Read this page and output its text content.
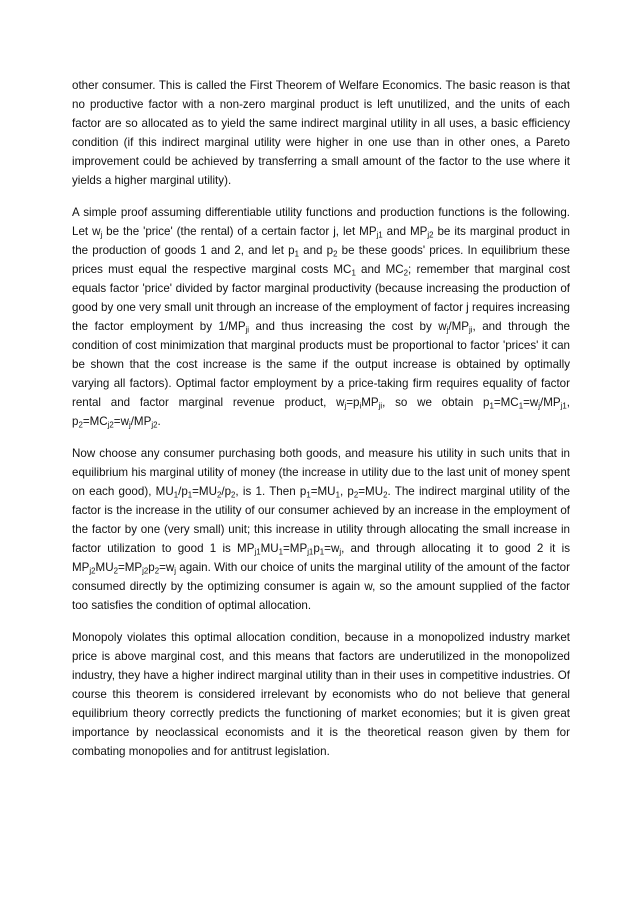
other consumer. This is called the First Theorem of Welfare Economics. The basic reason is that no productive factor with a non-zero marginal product is left unutilized, and the units of each factor are so allocated as to yield the same indirect marginal utility in all uses, a basic efficiency condition (if this indirect marginal utility were higher in one use than in other ones, a Pareto improvement could be achieved by transferring a small amount of the factor to the use where it yields a higher marginal utility).

A simple proof assuming differentiable utility functions and production functions is the following. Let $w_j$ be the 'price' (the rental) of a certain factor j, let $MP_{j1}$ and $MP_{j2}$ be its marginal product in the production of goods 1 and 2, and let $p_1$ and $p_2$ be these goods' prices. In equilibrium these prices must equal the respective marginal costs $MC_1$ and $MC_2$; remember that marginal cost equals factor 'price' divided by factor marginal productivity (because increasing the production of good by one very small unit through an increase of the employment of factor j requires increasing the factor employment by $1/MP_{ji}$ and thus increasing the cost by $w_j/MP_{ji}$, and through the condition of cost minimization that marginal products must be proportional to factor 'prices' it can be shown that the cost increase is the same if the output increase is obtained by optimally varying all factors). Optimal factor employment by a price-taking firm requires equality of factor rental and factor marginal revenue product, $w_j=p_iMP_{ji}$, so we obtain $p_1=MC_1=w_j/MP_{j1}$, $p_2=MC_{j2}=w_j/MP_{j2}$.

Now choose any consumer purchasing both goods, and measure his utility in such units that in equilibrium his marginal utility of money (the increase in utility due to the last unit of money spent on each good), $MU_1/p_1=MU_2/p_2$, is 1. Then $p_1=MU_1$, $p_2=MU_2$. The indirect marginal utility of the factor is the increase in the utility of our consumer achieved by an increase in the employment of the factor by one (very small) unit; this increase in utility through allocating the small increase in factor utilization to good 1 is $MP_{j1}MU_1=MP_{j1}p_1=w_j$, and through allocating it to good 2 it is $MP_{j2}MU_2=MP_{j2}p_2=w_j$ again. With our choice of units the marginal utility of the amount of the factor consumed directly by the optimizing consumer is again w, so the amount supplied of the factor too satisfies the condition of optimal allocation.

Monopoly violates this optimal allocation condition, because in a monopolized industry market price is above marginal cost, and this means that factors are underutilized in the monopolized industry, they have a higher indirect marginal utility than in their uses in competitive industries. Of course this theorem is considered irrelevant by economists who do not believe that general equilibrium theory correctly predicts the functioning of market economies; but it is given great importance by neoclassical economists and it is the theoretical reason given by them for combating monopolies and for antitrust legislation.
